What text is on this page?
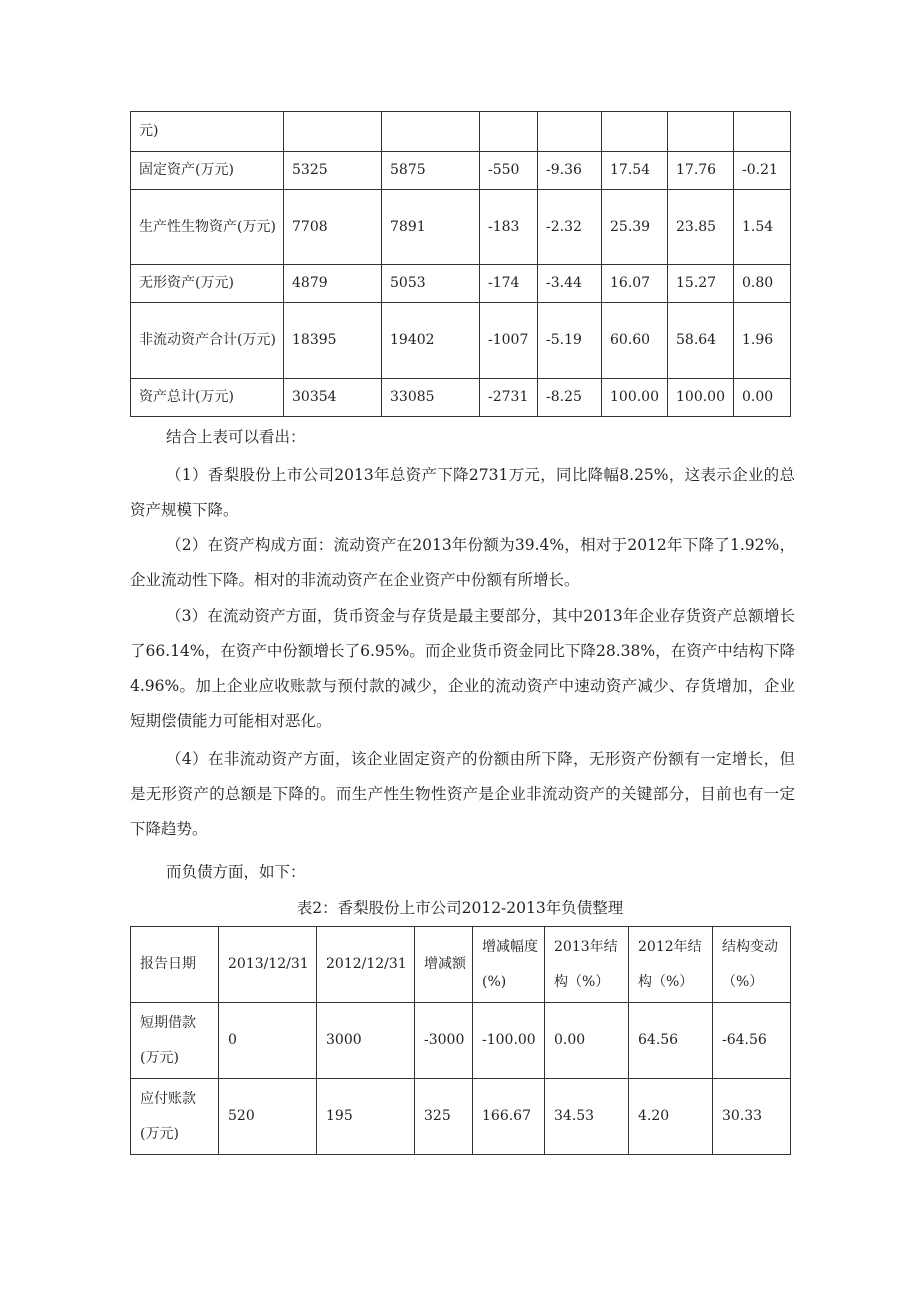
元)							
固定资产(万元)	5325	5875	-550	-9.36	17.54	17.76	-0.21
生产性生物资产(万元)	7708	7891	-183	-2.32	25.39	23.85	1.54
无形资产(万元)	4879	5053	-174	-3.44	16.07	15.27	0.80
非流动资产合计(万元)	18395	19402	-1007	-5.19	60.60	58.64	1.96
资产总计(万元)	30354	33085	-2731	-8.25	100.00	100.00	0.00
结合上表可以看出：
（1）香梨股份上市公司2013年总资产下降2731万元，同比降幅8.25%，这表示企业的总资产规模下降。
（2）在资产构成方面：流动资产在2013年份额为39.4%，相对于2012年下降了1.92%，企业流动性下降。相对的非流动资产在企业资产中份额有所增长。
（3）在流动资产方面，货币资金与存货是最主要部分，其中2013年企业存货资产总额增长了66.14%，在资产中份额增长了6.95%。而企业货币资金同比下降28.38%，在资产中结构下降4.96%。加上企业应收账款与预付款的减少，企业的流动资产中速动资产减少、存货增加，企业短期偿债能力可能相对恶化。
（4）在非流动资产方面，该企业固定资产的份额由所下降，无形资产份额有一定增长，但是无形资产的总额是下降的。而生产性生物性资产是企业非流动资产的关键部分，目前也有一定下降趋势。
而负债方面，如下：
表2：香梨股份上市公司2012-2013年负债整理
报告日期	2013/12/31	2012/12/31	增减额	增减幅度(%)	2013年结构（%）	2012年结构（%）	结构变动（%）
短期借款(万元)	0	3000	-3000	-100.00	0.00	64.56	-64.56
应付账款(万元)	520	195	325	166.67	34.53	4.20	30.33
